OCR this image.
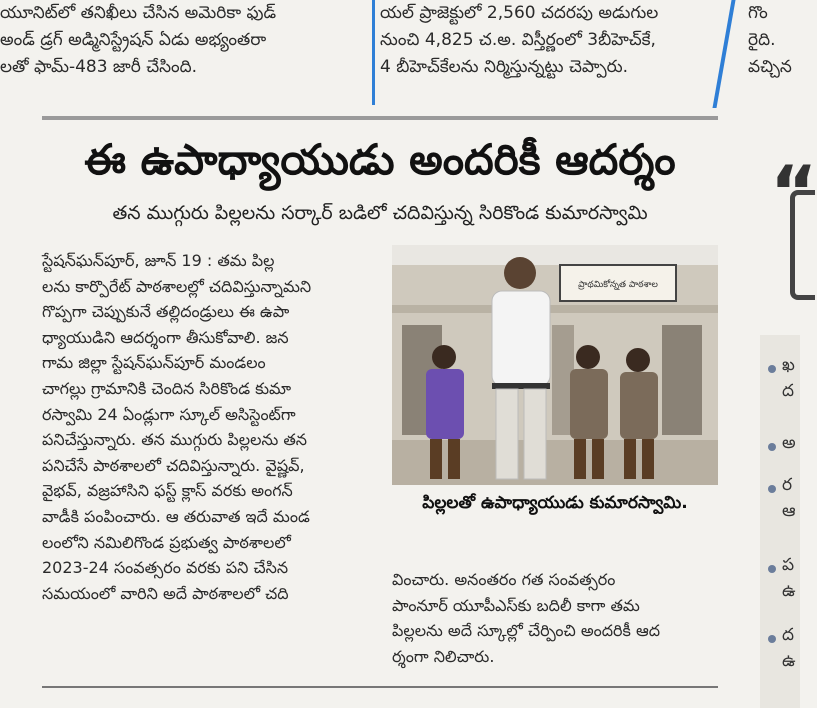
యూనిట్‌లో తనిఖీలు చేసిన అమెరికా ఫుడ్
అండ్ డ్రగ్ అడ్మినిస్ట్రేషన్ ఏడు అభ్యంతరా
లతో ఫామ్-483 జారీ చేసింది.
యల్ ప్రాజెక్టులో 2,560 చదరపు అడుగుల
నుంచి 4,825 చ.అ. విస్తీర్ణంలో 3బీహెచ్‌కే,
4 బీహెచ్‌కేలను నిర్మిస్తున్నట్టు చెప్పారు.
గొం
రైది.
వచ్చిన
ఈ ఉపాధ్యాయుడు అందరికీ ఆదర్శం
తన ముగ్గురు పిల్లలను సర్కార్ బడిలో చదివిస్తున్న సిరికొండ కుమారస్వామి
స్టేషన్‌ఘన్‌పూర్, జూన్ 19 : తమ పిల్ల
లను కార్పొరేట్ పాఠశాలల్లో చదివిస్తున్నామని
గొప్పగా చెప్పుకునే తల్లిదండ్రులు ఈ ఉపా
ధ్యాయుడిని ఆదర్శంగా తీసుకోవాలి. జన
గామ జిల్లా స్టేషన్‌ఘన్‌పూర్ మండలం
చాగల్లు గ్రామానికి చెందిన సిరికొండ కుమా
రస్వామి 24 ఏండ్లుగా స్కూల్ అసిస్టెంట్‌గా
పనిచేస్తున్నారు. తన ముగ్గురు పిల్లలను తన
పనిచేసే పాఠశాలలో చదివిస్తున్నారు. వైష్ణవ్,
వైభవ్, వజ్రహాసిని ఫస్ట్ క్లాస్ వరకు అంగన్
వాడీకి పంపించారు. ఆ తరువాత ఇదే మండ
లంలోని నమిలిగొండ ప్రభుత్వ పాఠశాలలో
2023-24 సంవత్సరం వరకు పని చేసిన
సమయంలో వారిని అదే పాఠశాలలో చది
ప్రాథమికోన్నత పాఠశాల
పిల్లలతో ఉపాధ్యాయుడు కుమారస్వామి.
వించారు. అనంతరం గత సంవత్సరం
పాంనూర్ యూపీఎస్‌కు బదిలీ కాగా తమ
పిల్లలను అదే స్కూల్లో చేర్పించి అందరికీ ఆద
ర్శంగా నిలిచారు.
“
ఖ
ద
అ
ర
ఆ
ప
ఉ
ద
ఉ
